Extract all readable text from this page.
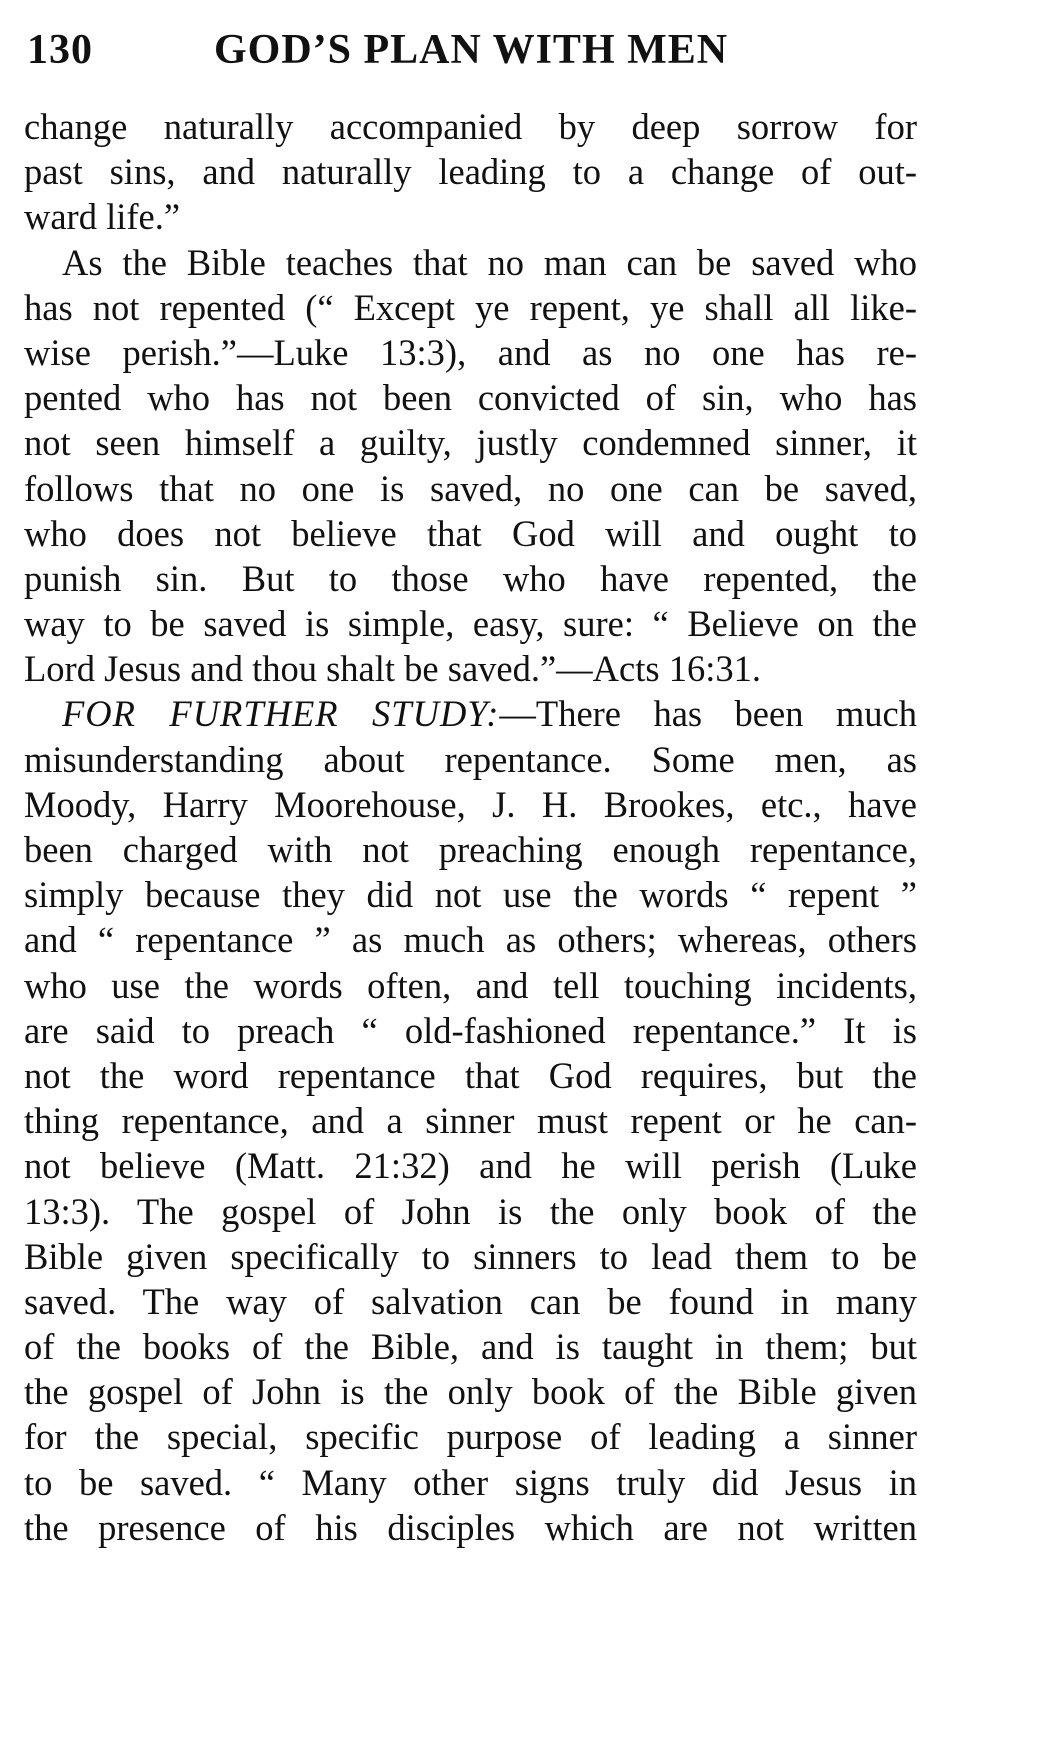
130	GOD’S PLAN WITH MEN
change naturally accompanied by deep sorrow for
past sins, and naturally leading to a change of out-
ward life.”
As the Bible teaches that no man can be saved who
has not repented (“ Except ye repent, ye shall all like-
wise perish.”—Luke 13:3), and as no one has re-
pented who has not been convicted of sin, who has
not seen himself a guilty, justly condemned sinner, it
follows that no one is saved, no one can be saved,
who does not believe that God will and ought to
punish sin. But to those who have repented, the
way to be saved is simple, easy, sure: “ Believe on the
Lord Jesus and thou shalt be saved.”—Acts 16:31.
FOR FURTHER STUDY:—There has been much
misunderstanding about repentance. Some men, as
Moody, Harry Moorehouse, J. H. Brookes, etc., have
been charged with not preaching enough repentance,
simply because they did not use the words “ repent ”
and “ repentance ” as much as others; whereas, others
who use the words often, and tell touching incidents,
are said to preach “ old-fashioned repentance.” It is
not the word repentance that God requires, but the
thing repentance, and a sinner must repent or he can-
not believe (Matt. 21:32) and he will perish (Luke
13:3). The gospel of John is the only book of the
Bible given specifically to sinners to lead them to be
saved. The way of salvation can be found in many
of the books of the Bible, and is taught in them; but
the gospel of John is the only book of the Bible given
for the special, specific purpose of leading a sinner
to be saved. “ Many other signs truly did Jesus in
the presence of his disciples which are not written
